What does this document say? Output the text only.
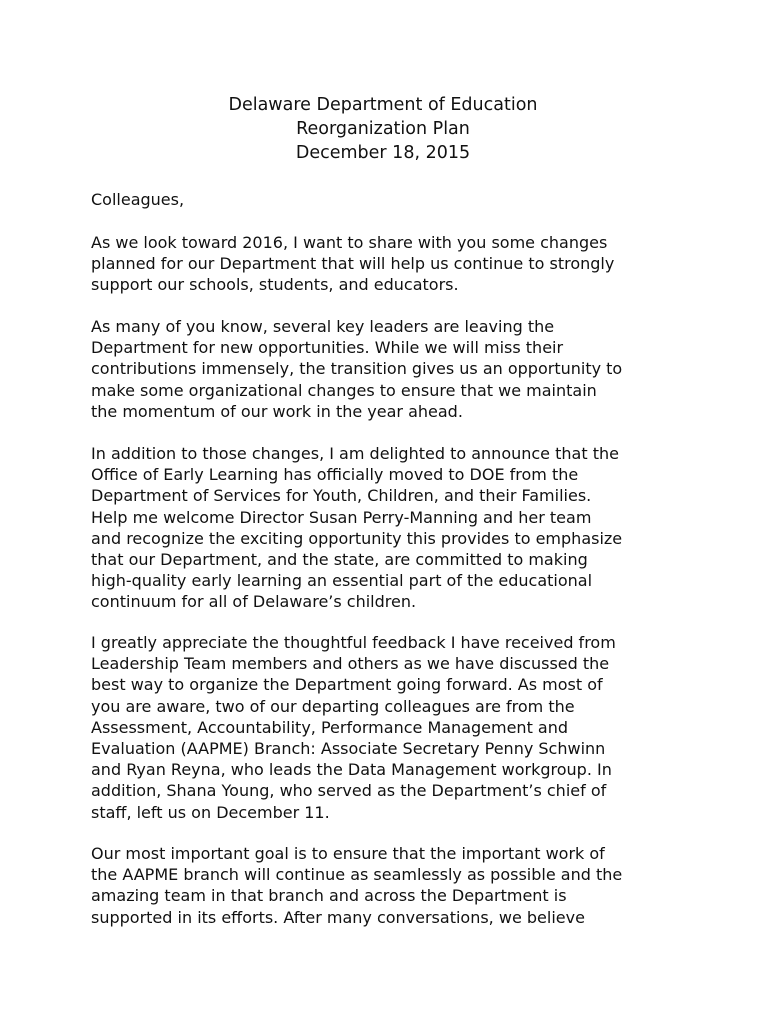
Delaware Department of Education
Reorganization Plan
December 18, 2015
Colleagues,
As we look toward 2016, I want to share with you some changes
planned for our Department that will help us continue to strongly
support our schools, students, and educators.
As many of you know, several key leaders are leaving the
Department for new opportunities. While we will miss their
contributions immensely, the transition gives us an opportunity to
make some organizational changes to ensure that we maintain
the momentum of our work in the year ahead.
In addition to those changes, I am delighted to announce that the
Office of Early Learning has officially moved to DOE from the
Department of Services for Youth, Children, and their Families.
Help me welcome Director Susan Perry-Manning and her team
and recognize the exciting opportunity this provides to emphasize
that our Department, and the state, are committed to making
high-quality early learning an essential part of the educational
continuum for all of Delaware’s children.
I greatly appreciate the thoughtful feedback I have received from
Leadership Team members and others as we have discussed the
best way to organize the Department going forward. As most of
you are aware, two of our departing colleagues are from the
Assessment, Accountability, Performance Management and
Evaluation (AAPME) Branch: Associate Secretary Penny Schwinn
and Ryan Reyna, who leads the Data Management workgroup. In
addition, Shana Young, who served as the Department’s chief of
staff, left us on December 11.
Our most important goal is to ensure that the important work of
the AAPME branch will continue as seamlessly as possible and the
amazing team in that branch and across the Department is
supported in its efforts. After many conversations, we believe
